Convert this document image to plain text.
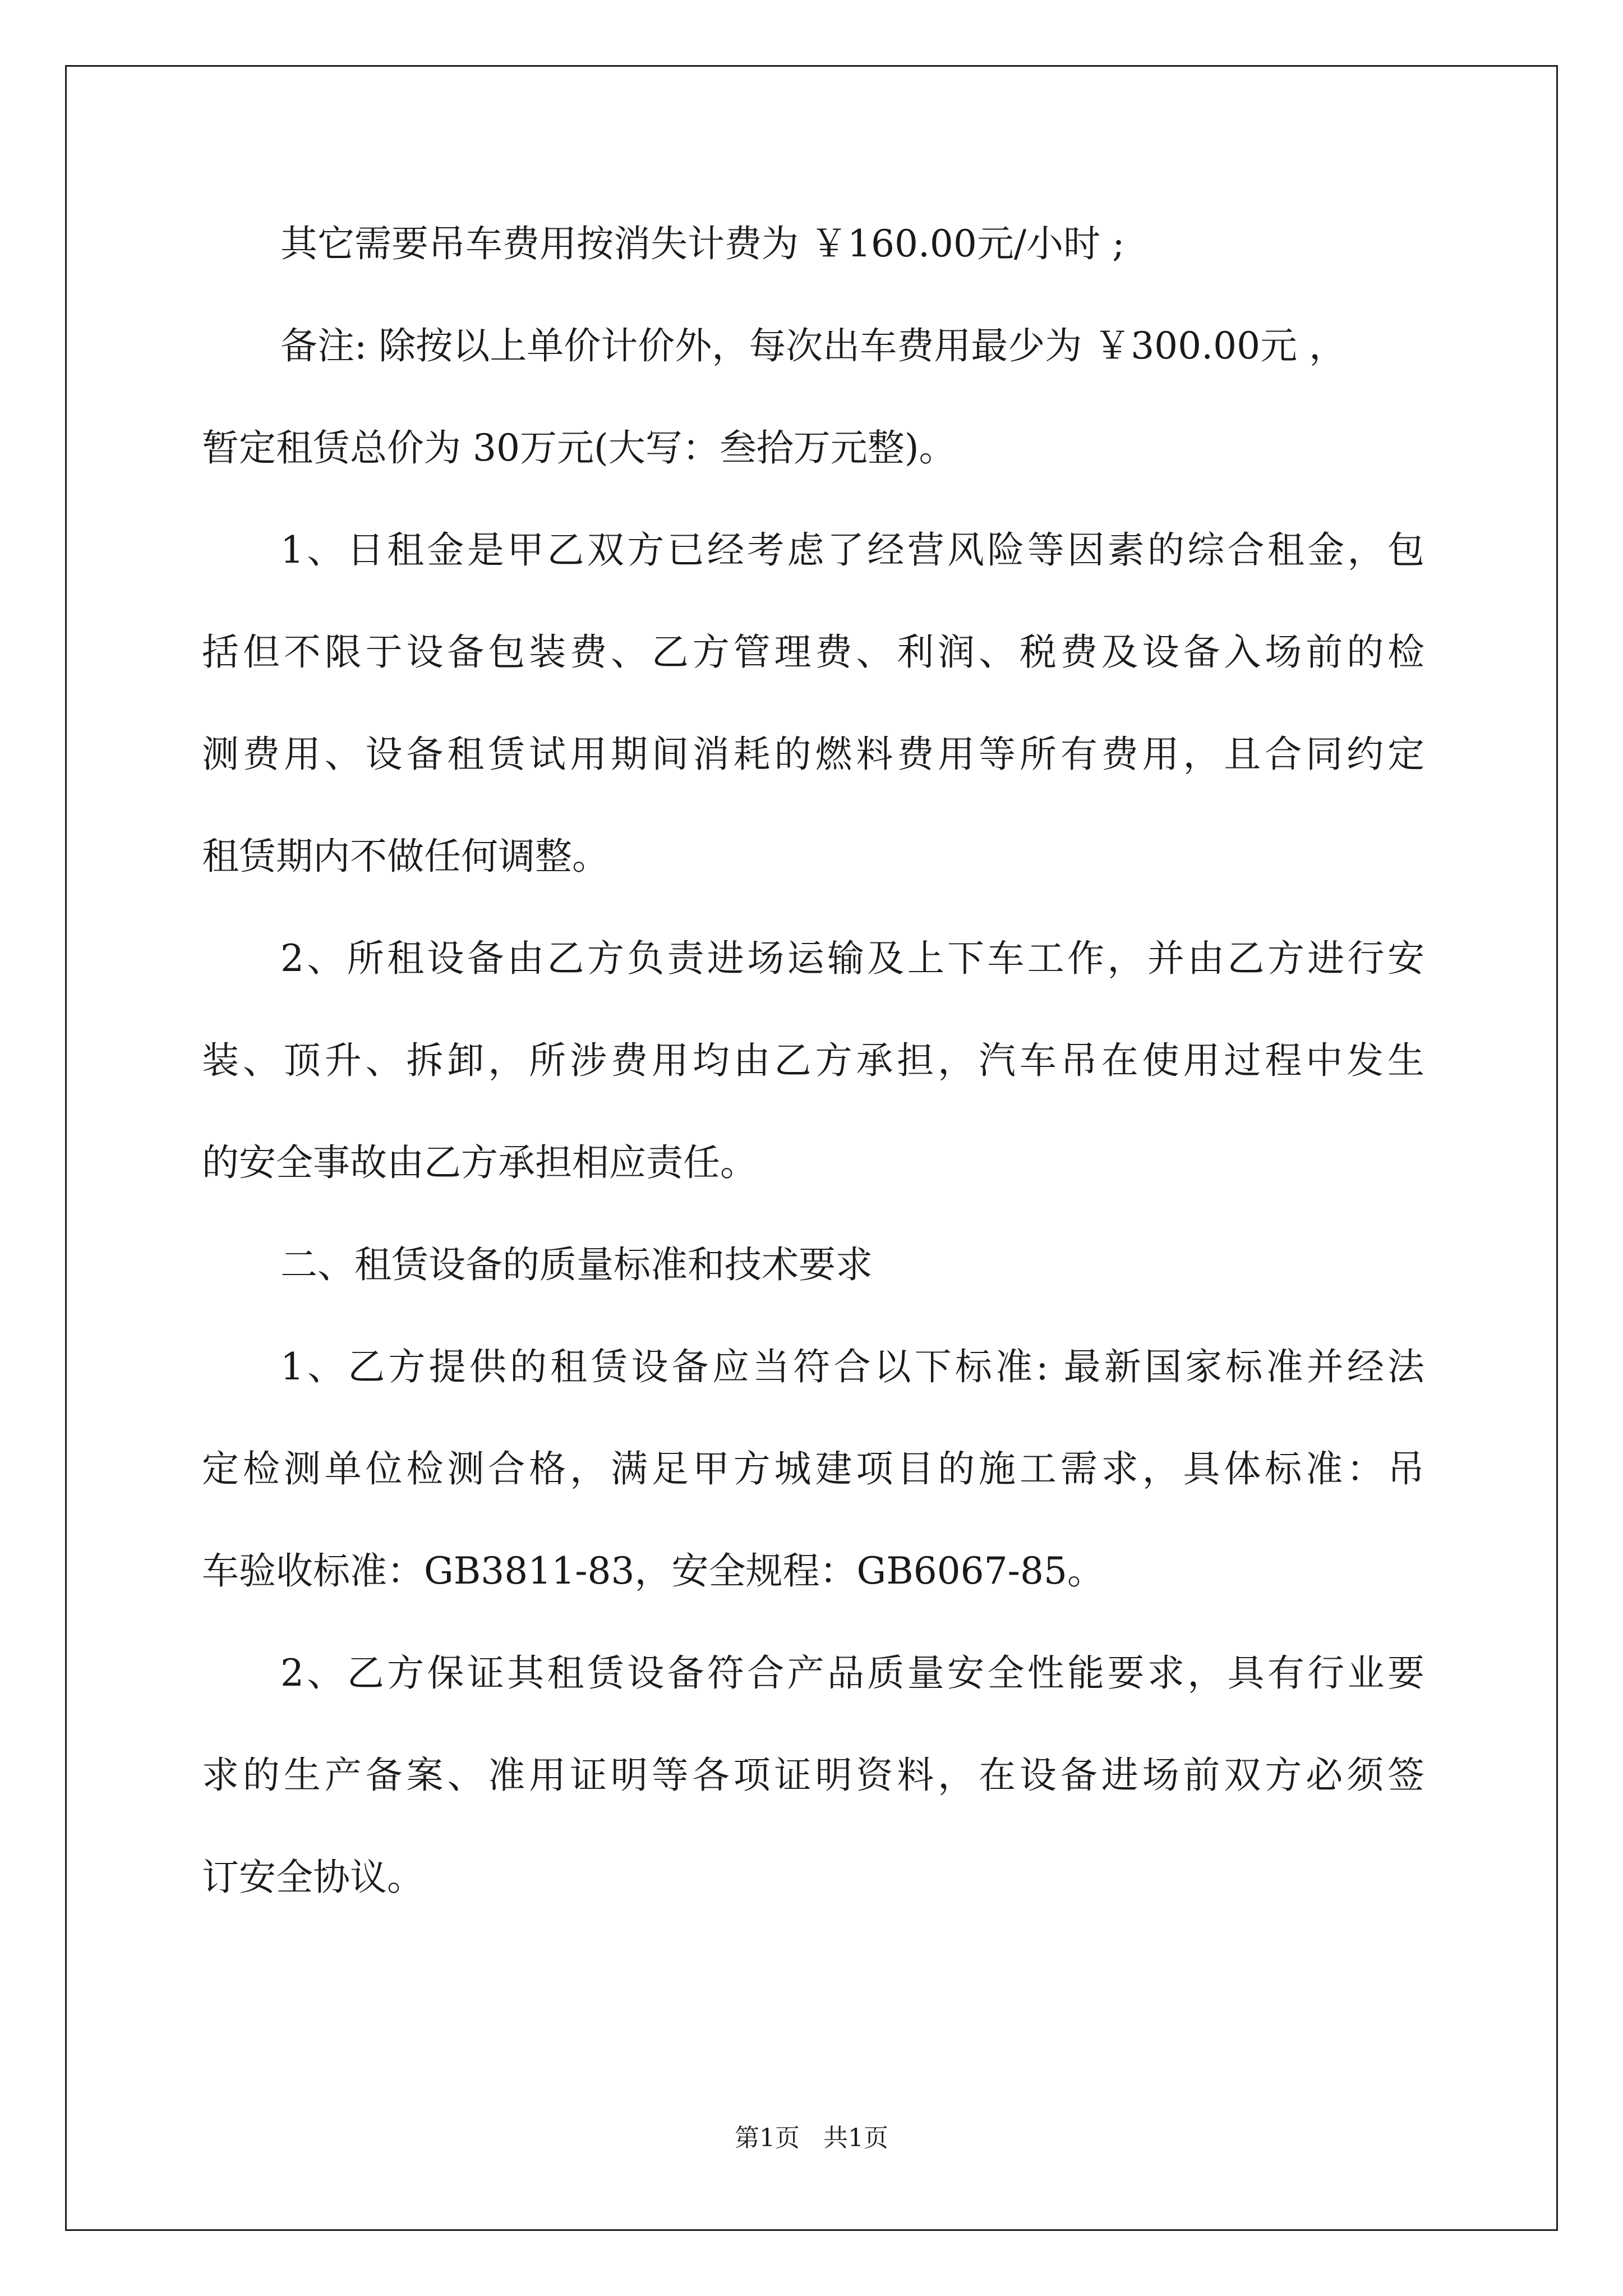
其它需要吊车费用按消失计费为 ￥160.00元/小时 ;
备注: 除按以上单价计价外，每次出车费用最少为 ￥300.00元 ，
暂定租赁总价为 30万元(大写：叁拾万元整)。
1、日租金是甲乙双方已经考虑了经营风险等因素的综合租金，包
括但不限于设备包装费、乙方管理费、利润、税费及设备入场前的检
测费用、设备租赁试用期间消耗的燃料费用等所有费用，且合同约定
租赁期内不做任何调整。
2、所租设备由乙方负责进场运输及上下车工作，并由乙方进行安
装、顶升、拆卸，所涉费用均由乙方承担，汽车吊在使用过程中发生
的安全事故由乙方承担相应责任。
二、租赁设备的质量标准和技术要求
1、乙方提供的租赁设备应当符合以下标准: 最新国家标准并经法
定检测单位检测合格，满足甲方城建项目的施工需求，具体标准：吊
车验收标准：GB3811-83，安全规程：GB6067-85。
2、乙方保证其租赁设备符合产品质量安全性能要求，具有行业要
求的生产备案、准用证明等各项证明资料，在设备进场前双方必须签
订安全协议。
第1页   共1页
